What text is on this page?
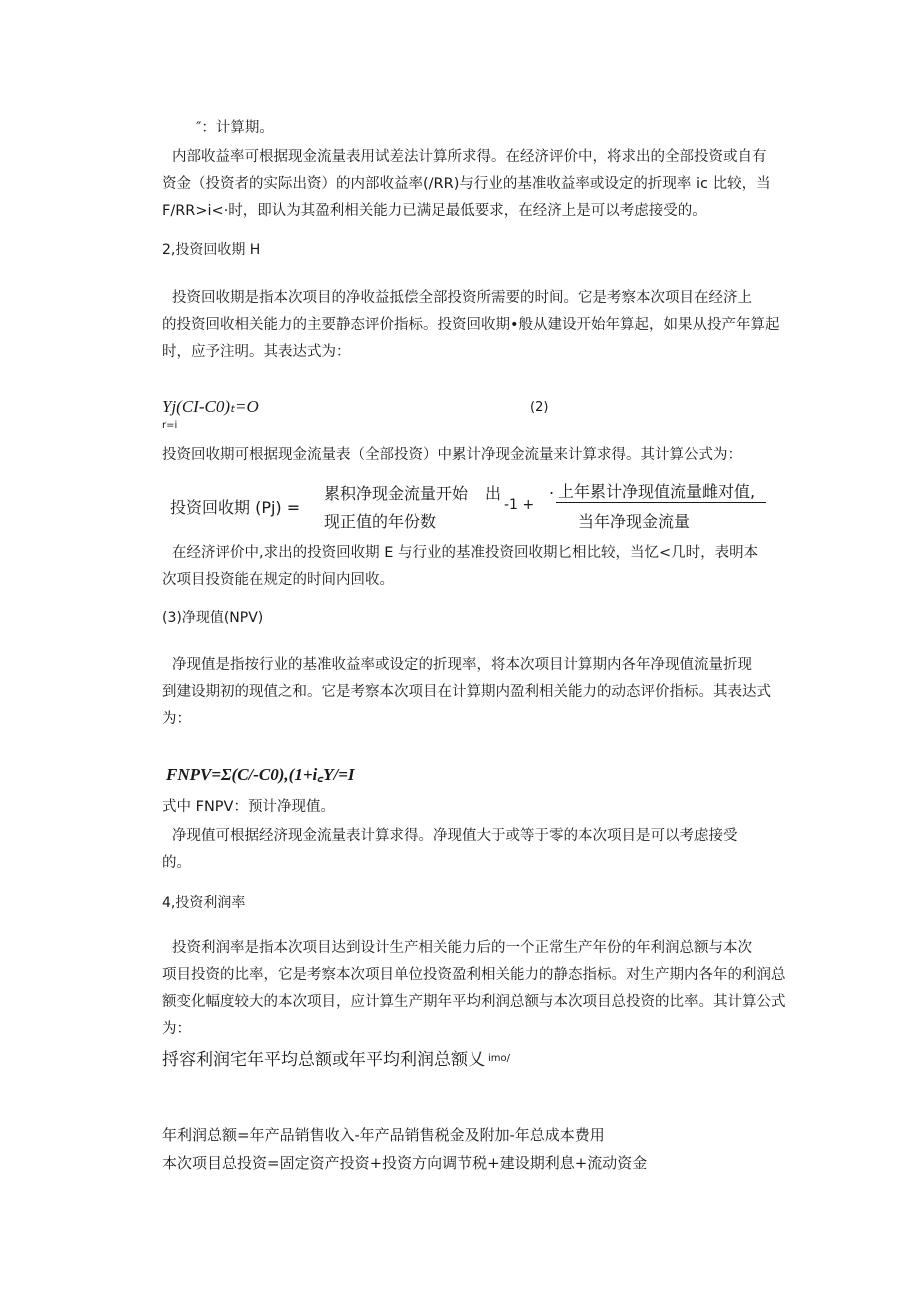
″：计算期。
内部收益率可根据现金流量表用试差法计算所求得。在经济评价中，将求出的全部投资或自有
资金（投资者的实际出资）的内部收益率(/RR)与行业的基准收益率或设定的折现率 ic 比较，当
F/RR>i<·时，即认为其盈利相关能力已满足最低要求，在经济上是可以考虑接受的。
2,投资回收期 H
投资回收期是指本次项目的净收益抵偿全部投资所需要的时间。它是考察本次项目在经济上
的投资回收相关能力的主要静态评价指标。投资回收期•般从建设开始年算起，如果从投产年算起
时，应予注明。其表达式为：
Yj(CI-C0)ₜ=O
r=i
(2)
投资回收期可根据现金流量表（全部投资）中累计净现金流量来计算求得。其计算公式为：
投资回收期 (Pj) =
累积净现金流量开始 出
现正值的年份数
-1 +
. 上年累计净现值流量雌对值,
当年净现金流量
在经济评价中,求出的投资回收期 E 与行业的基准投资回收期匕相比较，当忆<几时，表明本
次项目投资能在规定的时间内回收。
(3)净现值(NPV)
净现值是指按行业的基准收益率或设定的折现率，将本次项目计算期内各年净现值流量折现
到建设期初的现值之和。它是考察本次项目在计算期内盈利相关能力的动态评价指标。其表达式
为：
FNPV=Σ(C/-C0),(1+i꜀Y/=I
式中 FNPV：预计净现值。
净现值可根据经济现金流量表计算求得。净现值大于或等于零的本次项目是可以考虑接受
的。
4,投资利润率
投资利润率是指本次项目达到设计生产相关能力后的一个正常生产年份的年利润总额与本次
项目投资的比率，它是考察本次项目单位投资盈利相关能力的静态指标。对生产期内各年的利润总
额变化幅度较大的本次项目，应计算生产期年平均利润总额与本次项目总投资的比率。其计算公式
为：
捋容利润宅年平均总额或年平均利润总额乂 imo/
年利润总额=年产品销售收入-年产品销售税金及附加-年总成本费用
本次项目总投资=固定资产投资+投资方向调节税+建设期利息+流动资金
